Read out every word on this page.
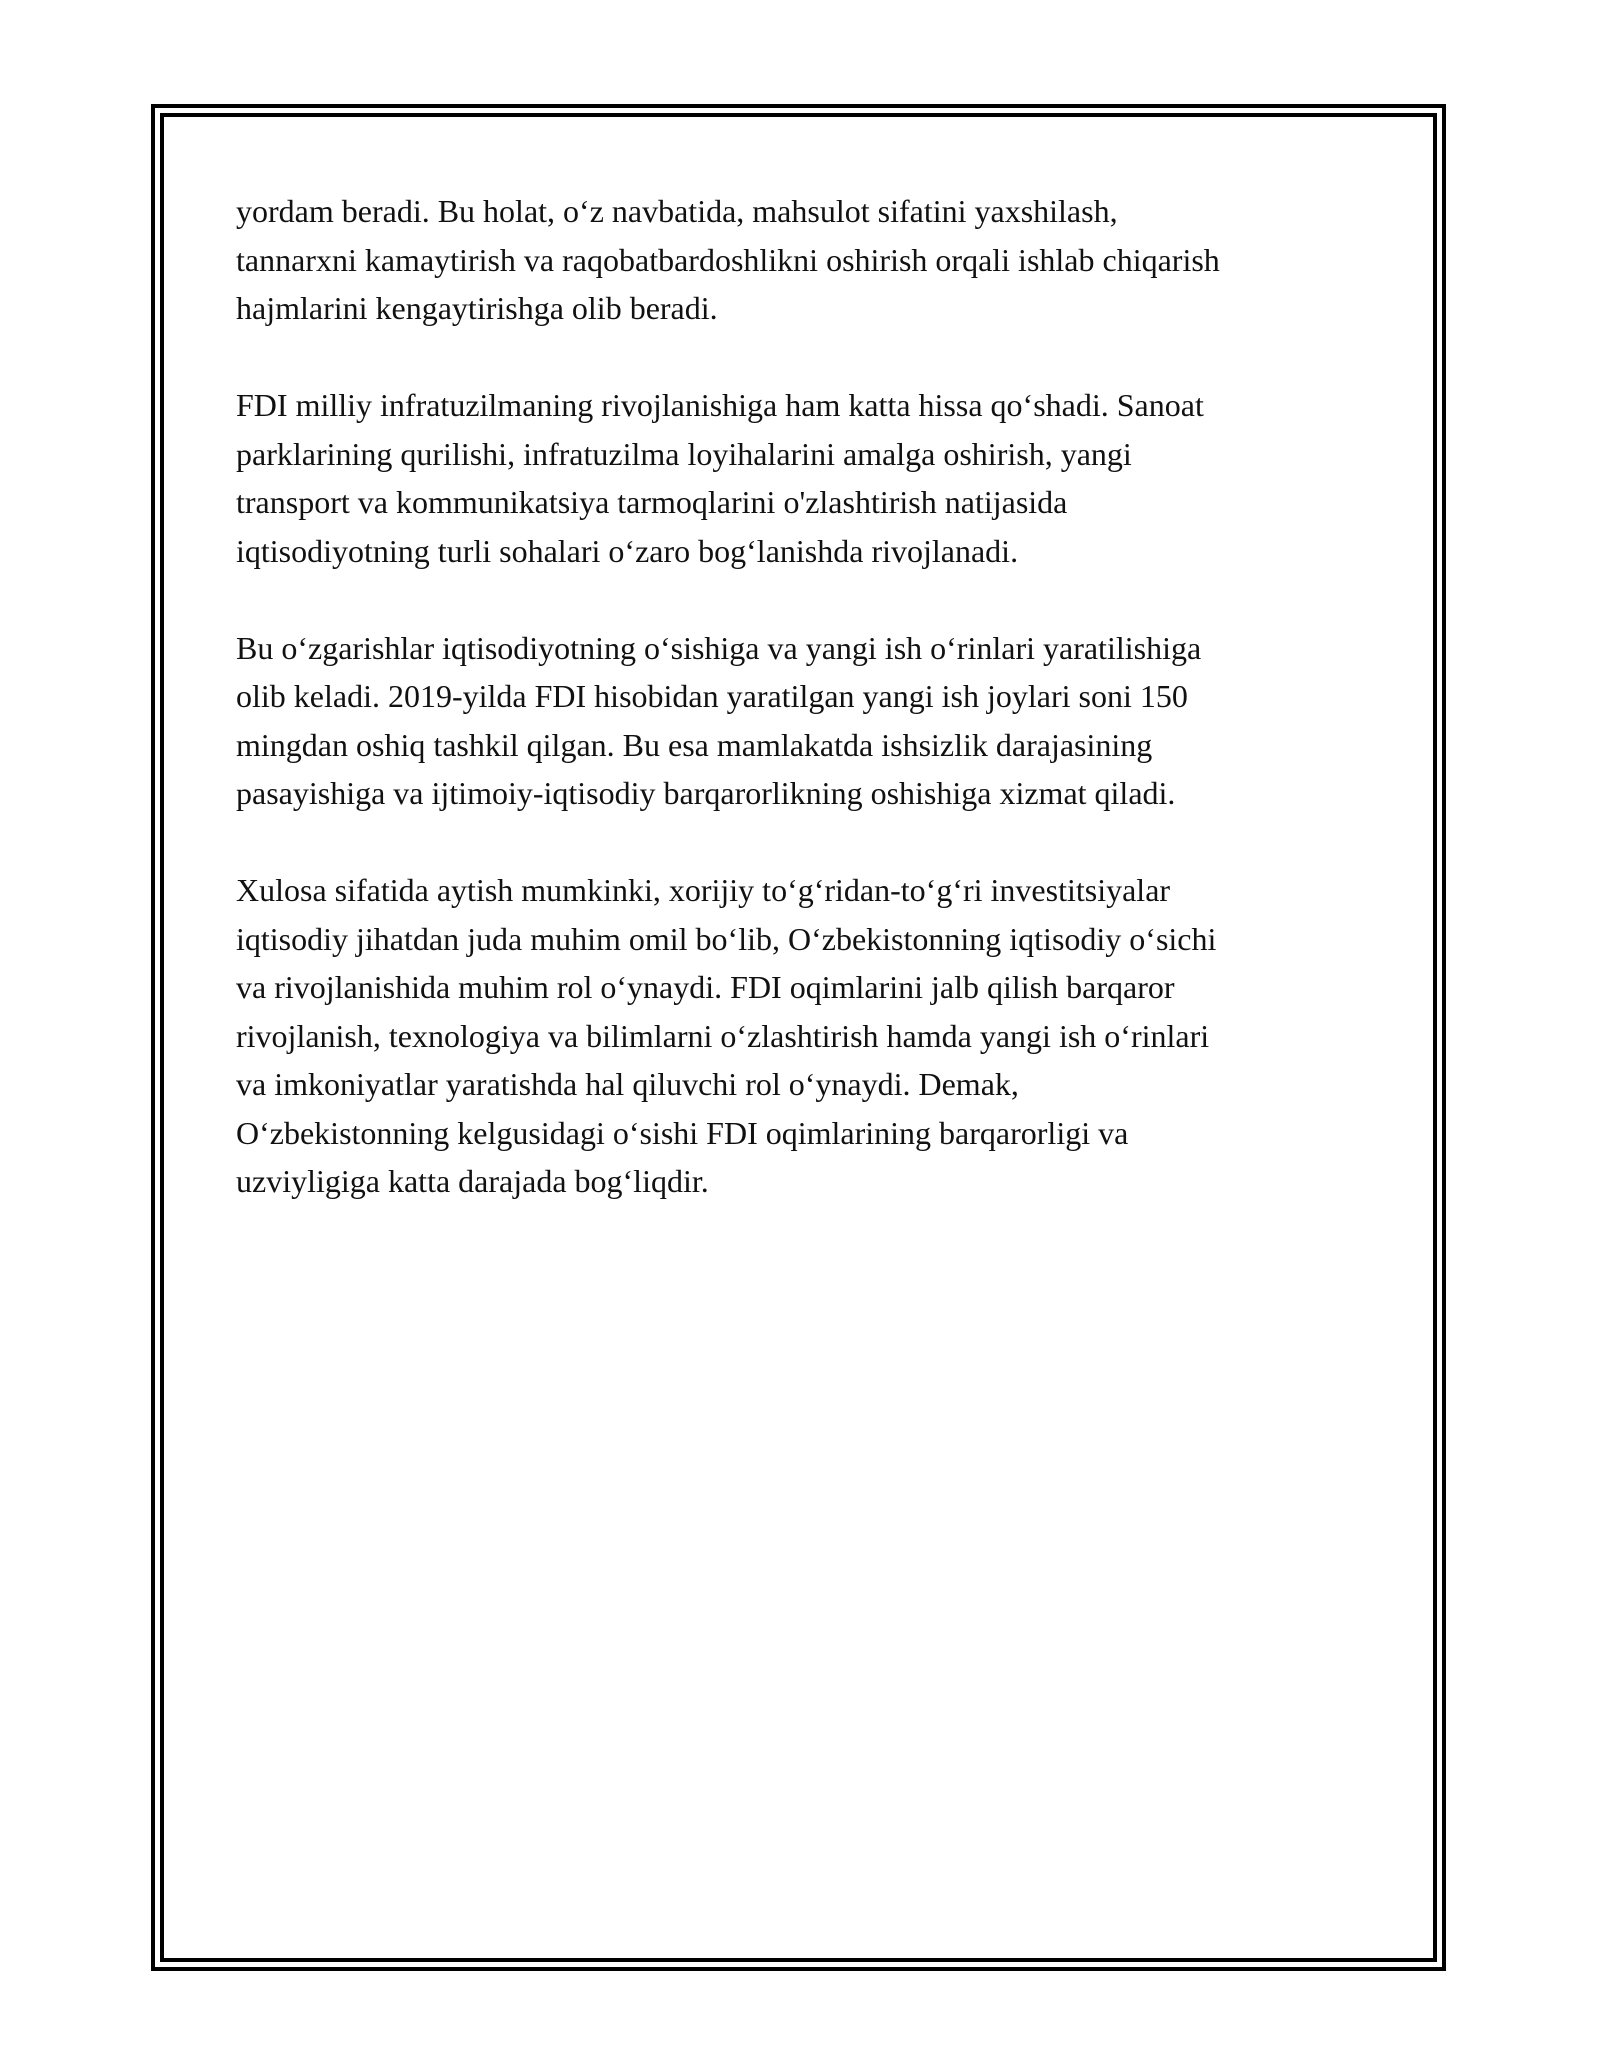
yordam beradi. Bu holat, o‘z navbatida, mahsulot sifatini yaxshilash,
tannarxni kamaytirish va raqobatbardoshlikni oshirish orqali ishlab chiqarish
hajmlarini kengaytirishga olib beradi.

FDI milliy infratuzilmaning rivojlanishiga ham katta hissa qo‘shadi. Sanoat
parklarining qurilishi, infratuzilma loyihalarini amalga oshirish, yangi
transport va kommunikatsiya tarmoqlarini o'zlashtirish natijasida
iqtisodiyotning turli sohalari o‘zaro bog‘lanishda rivojlanadi.

Bu o‘zgarishlar iqtisodiyotning o‘sishiga va yangi ish o‘rinlari yaratilishiga
olib keladi. 2019-yilda FDI hisobidan yaratilgan yangi ish joylari soni 150
mingdan oshiq tashkil qilgan. Bu esa mamlakatda ishsizlik darajasining
pasayishiga va ijtimoiy-iqtisodiy barqarorlikning oshishiga xizmat qiladi.

Xulosa sifatida aytish mumkinki, xorijiy to‘g‘ridan-to‘g‘ri investitsiyalar
iqtisodiy jihatdan juda muhim omil bo‘lib, O‘zbekistonning iqtisodiy o‘sichi
va rivojlanishida muhim rol o‘ynaydi. FDI oqimlarini jalb qilish barqaror
rivojlanish, texnologiya va bilimlarni o‘zlashtirish hamda yangi ish o‘rinlari
va imkoniyatlar yaratishda hal qiluvchi rol o‘ynaydi. Demak,
O‘zbekistonning kelgusidagi o‘sishi FDI oqimlarining barqarorligi va
uzviyligiga katta darajada bog‘liqdir.
